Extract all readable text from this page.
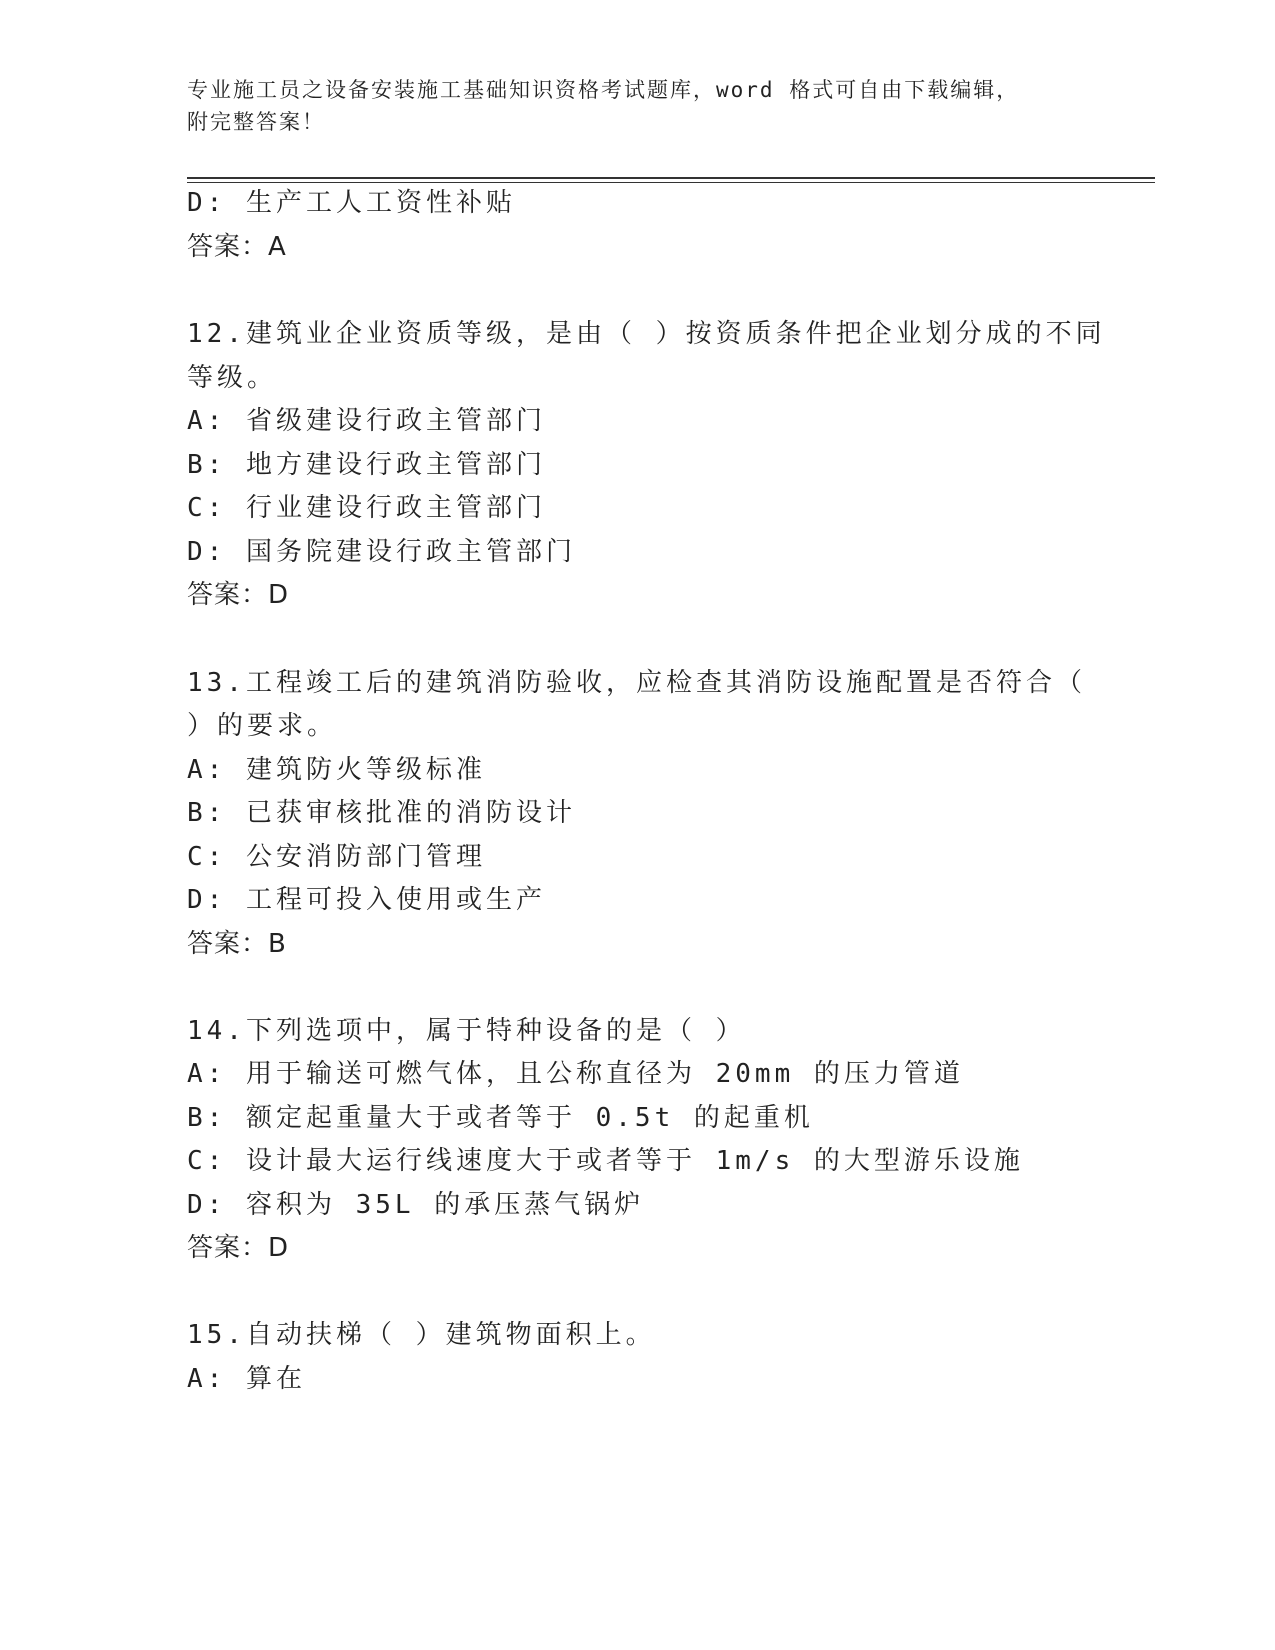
专业施工员之设备安装施工基础知识资格考试题库，word 格式可自由下载编辑，
附完整答案！
D: 生产工人工资性补贴
答案：A
12.建筑业企业资质等级，是由（ ）按资质条件把企业划分成的不同
等级。
A: 省级建设行政主管部门
B: 地方建设行政主管部门
C: 行业建设行政主管部门
D: 国务院建设行政主管部门
答案：D
13.工程竣工后的建筑消防验收，应检查其消防设施配置是否符合（
）的要求。
A: 建筑防火等级标准
B: 已获审核批准的消防设计
C: 公安消防部门管理
D: 工程可投入使用或生产
答案：B
14.下列选项中，属于特种设备的是（ ）
A: 用于输送可燃气体，且公称直径为 20mm 的压力管道
B: 额定起重量大于或者等于 0.5t 的起重机
C: 设计最大运行线速度大于或者等于 1m/s 的大型游乐设施
D: 容积为 35L 的承压蒸气锅炉
答案：D
15.自动扶梯（ ）建筑物面积上。
A: 算在
